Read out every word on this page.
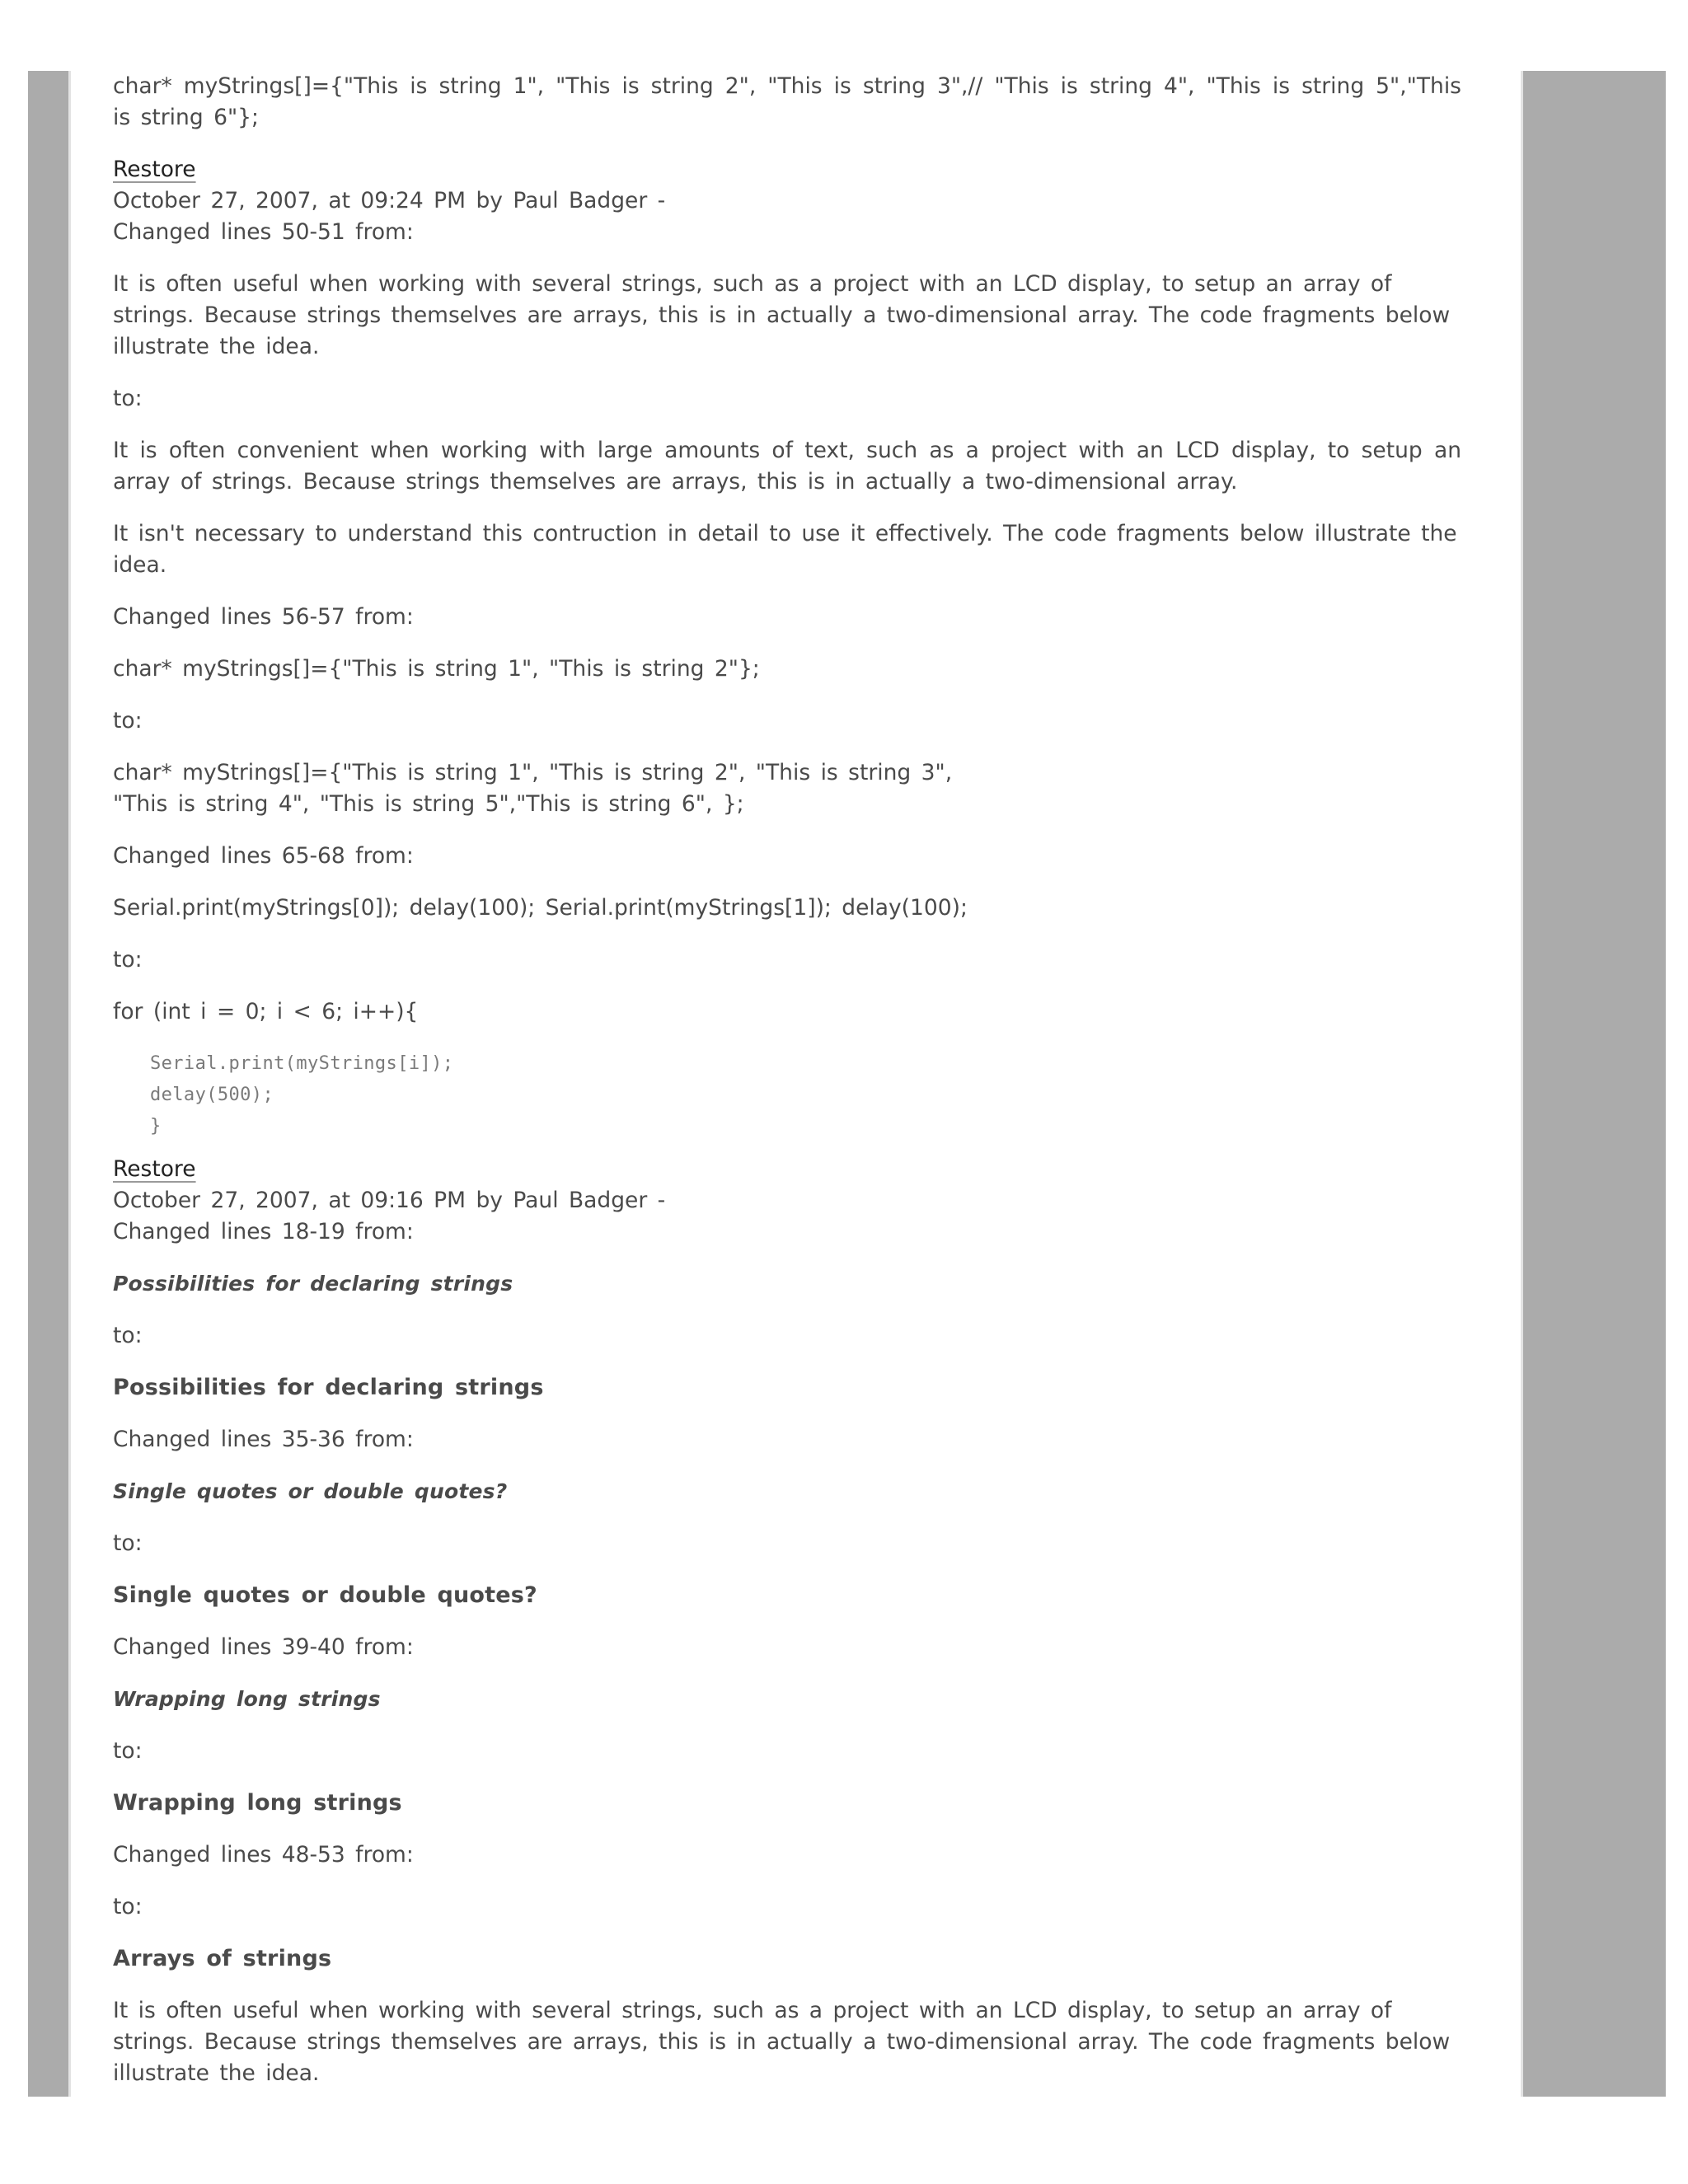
char* myStrings[]={"This is string 1", "This is string 2", "This is string 3",// "This is string 4", "This is string 5","This is string 6"};

Restore
October 27, 2007, at 09:24 PM by Paul Badger -
Changed lines 50-51 from:

It is often useful when working with several strings, such as a project with an LCD display, to setup an array of strings. Because strings themselves are arrays, this is in actually a two-dimensional array. The code fragments below illustrate the idea.

to:

It is often convenient when working with large amounts of text, such as a project with an LCD display, to setup an array of strings. Because strings themselves are arrays, this is in actually a two-dimensional array.

It isn't necessary to understand this contruction in detail to use it effectively. The code fragments below illustrate the idea.

Changed lines 56-57 from:

char* myStrings[]={"This is string 1", "This is string 2"};

to:

char* myStrings[]={"This is string 1", "This is string 2", "This is string 3",
"This is string 4", "This is string 5","This is string 6", };

Changed lines 65-68 from:

Serial.print(myStrings[0]); delay(100); Serial.print(myStrings[1]); delay(100);

to:

for (int i = 0; i < 6; i++){

Serial.print(myStrings[i]);
delay(500);
}
Restore
October 27, 2007, at 09:16 PM by Paul Badger -
Changed lines 18-19 from:

Possibilities for declaring strings

to:

Possibilities for declaring strings

Changed lines 35-36 from:

Single quotes or double quotes?

to:

Single quotes or double quotes?

Changed lines 39-40 from:

Wrapping long strings

to:

Wrapping long strings

Changed lines 48-53 from:

to:

Arrays of strings

It is often useful when working with several strings, such as a project with an LCD display, to setup an array of strings. Because strings themselves are arrays, this is in actually a two-dimensional array. The code fragments below illustrate the idea.
